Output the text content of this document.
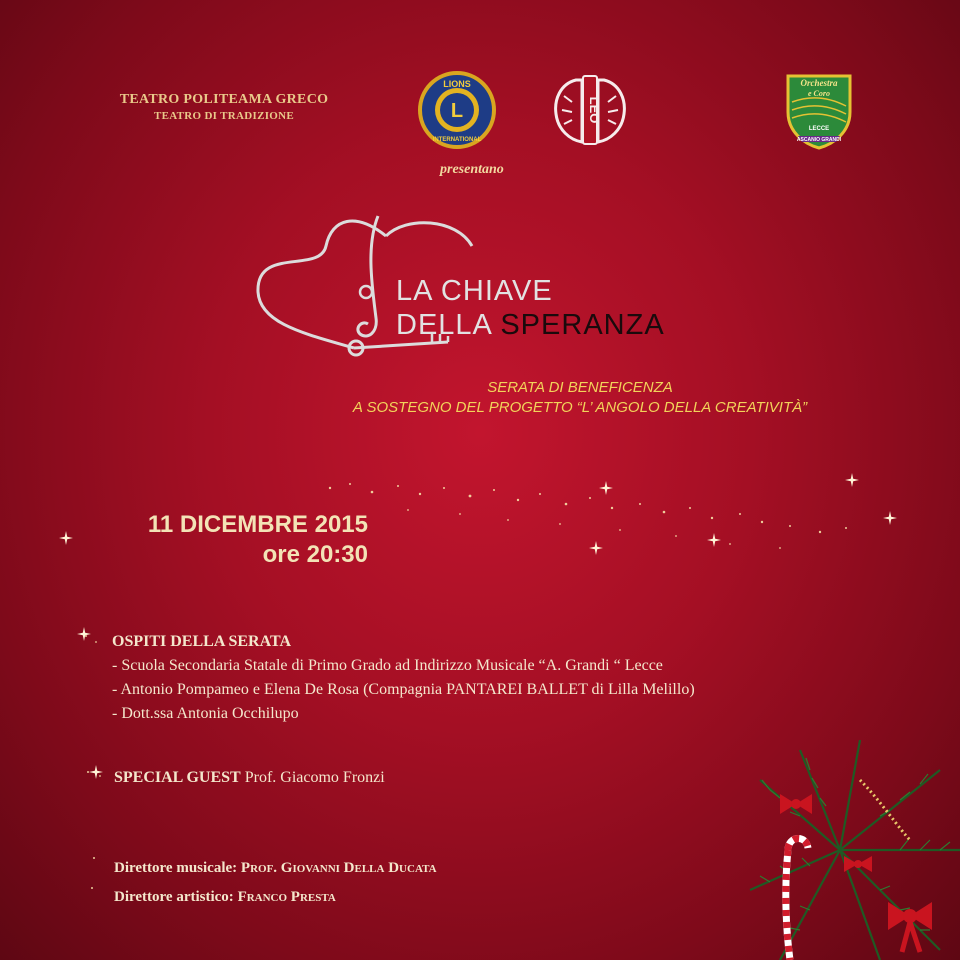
TEATRO POLITEAMA GRECO
TEATRO DI TRADIZIONE
LIONS
INTERNATIONAL
L	LEO
Orchestra
e Coro
LECCE
ASCANIO GRANDI
presentano
LA CHIAVE
DELLA SPERANZA
SERATA DI BENEFICENZA
A SOSTEGNO DEL PROGETTO “L’ ANGOLO DELLA CREATIVITÀ”
11 DICEMBRE 2015
ore 20:30
OSPITI DELLA SERATA
- Scuola Secondaria Statale di Primo Grado ad Indirizzo Musicale “A. Grandi “ Lecce
- Antonio Pompameo e Elena De Rosa (Compagnia PANTAREI BALLET di Lilla Melillo)
- Dott.ssa Antonia Occhilupo
SPECIAL GUEST Prof. Giacomo Fronzi
Direttore musicale: Prof. Giovanni Della Ducata
Direttore artistico: Franco Presta
